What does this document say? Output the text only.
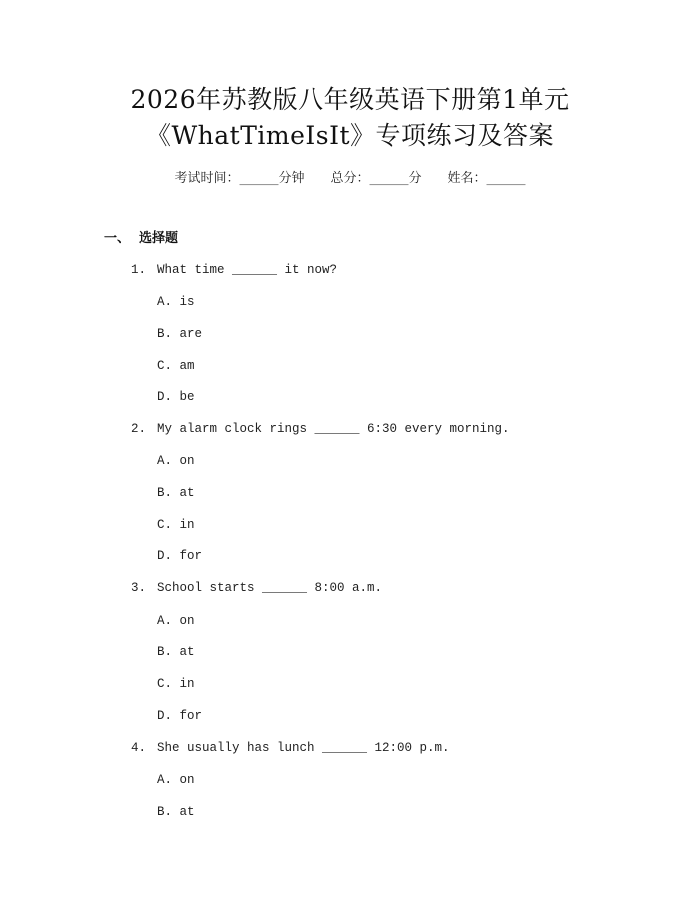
2026年苏教版八年级英语下册第1单元
《WhatTimeIsIt》专项练习及答案
考试时间：______分钟 总分：______分 姓名：______
一、  选择题
1. What time ______ it now?
A. is
B. are
C. am
D. be
2. My alarm clock rings ______ 6:30 every morning.
A. on
B. at
C. in
D. for
3. School starts ______ 8:00 a.m.
A. on
B. at
C. in
D. for
4. She usually has lunch ______ 12:00 p.m.
A. on
B. at
